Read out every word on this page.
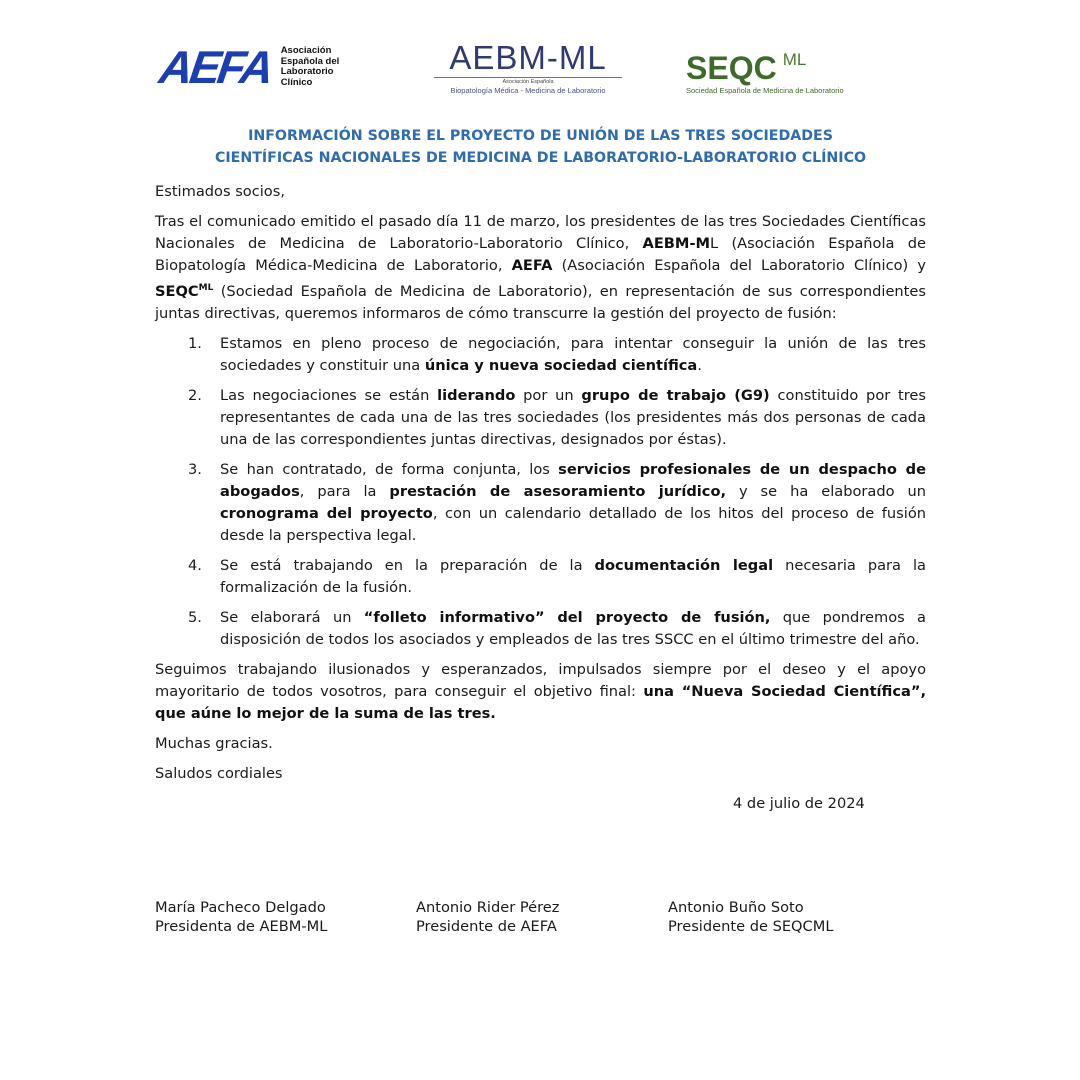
AEFA Asociación
Española del
Laboratorio
Clínico
AEBM-ML
Asociación Española
Biopatología Médica - Medicina de Laboratorio
SEQC $^{ML}$
Sociedad Española de Medicina de Laboratorio
INFORMACIÓN SOBRE EL PROYECTO DE UNIÓN DE LAS TRES SOCIEDADES
CIENTÍFICAS NACIONALES DE MEDICINA DE LABORATORIO-LABORATORIO CLÍNICO

Estimados socios,

Tras el comunicado emitido el pasado día 11 de marzo, los presidentes de las tres Sociedades Científicas Nacionales de Medicina de Laboratorio-Laboratorio Clínico, AEBM-ML (Asociación Española de Biopatología Médica-Medicina de Laboratorio, AEFA (Asociación Española del Laboratorio Clínico) y $SEQC^{ML}$ (Sociedad Española de Medicina de Laboratorio), en representación de sus correspondientes juntas directivas, queremos informaros de cómo transcurre la gestión del proyecto de fusión:

1. Estamos en pleno proceso de negociación, para intentar conseguir la unión de las tres sociedades y constituir una única y nueva sociedad científica.
2. Las negociaciones se están liderando por un grupo de trabajo (G9) constituido por tres representantes de cada una de las tres sociedades (los presidentes más dos personas de cada una de las correspondientes juntas directivas, designados por éstas).
3. Se han contratado, de forma conjunta, los servicios profesionales de un despacho de abogados, para la prestación de asesoramiento jurídico, y se ha elaborado un cronograma del proyecto, con un calendario detallado de los hitos del proceso de fusión desde la perspectiva legal.
4. Se está trabajando en la preparación de la documentación legal necesaria para la formalización de la fusión.
5. Se elaborará un “folleto informativo” del proyecto de fusión, que pondremos a disposición de todos los asociados y empleados de las tres SSCC en el último trimestre del año.

Seguimos trabajando ilusionados y esperanzados, impulsados siempre por el deseo y el apoyo mayoritario de todos vosotros, para conseguir el objetivo final: una “Nueva Sociedad Científica”, que aúne lo mejor de la suma de las tres.

Muchas gracias.

Saludos cordiales

4 de julio de 2024
María Pacheco Delgado
Presidenta de AEBM-ML
Antonio Rider Pérez
Presidente de AEFA
Antonio Buño Soto
Presidente de SEQCML
